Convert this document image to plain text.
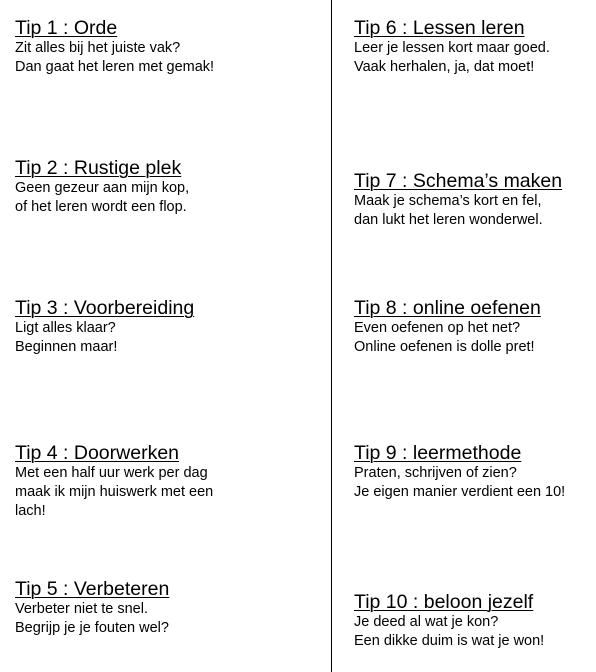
Tip 1 : Orde

Zit alles bij het juiste vak?

Dan gaat het leren met gemak!

Tip 2 : Rustige plek

Geen gezeur aan mijn kop,

of het leren wordt een flop.

Tip 3 : Voorbereiding

Ligt alles klaar?

Beginnen maar!

Tip 4 : Doorwerken

Met een half uur werk per dag

maak ik mijn huiswerk met een

lach!

Tip 5 : Verbeteren

Verbeter niet te snel.

Begrijp je je fouten wel?

Tip 6 : Lessen leren

Leer je lessen kort maar goed.

Vaak herhalen, ja, dat moet!

Tip 7 : Schema’s maken

Maak je schema’s kort en fel,

dan lukt het leren wonderwel.

Tip 8 : online oefenen

Even oefenen op het net?

Online oefenen is dolle pret!

Tip 9 : leermethode

Praten, schrijven of zien?

Je eigen manier verdient een 10!

Tip 10 : beloon jezelf

Je deed al wat je kon?

Een dikke duim is wat je won!
